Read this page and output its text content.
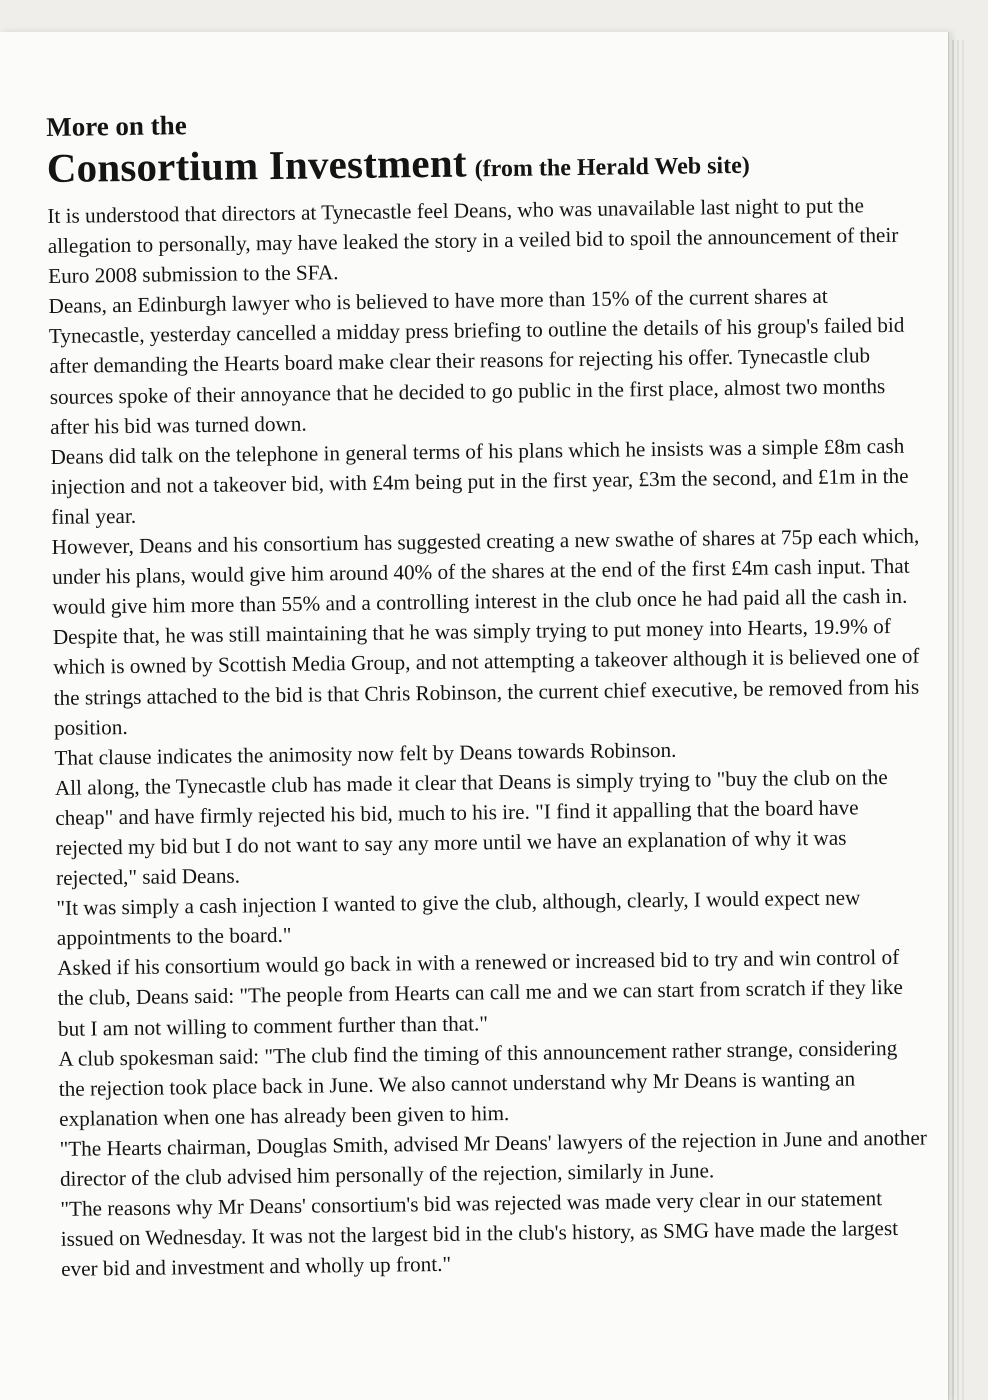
More on the

Consortium Investment (from the Herald Web site)

It is understood that directors at Tynecastle feel Deans, who was unavailable last night to put the allegation to personally, may have leaked the story in a veiled bid to spoil the announcement of their Euro 2008 submission to the SFA.

Deans, an Edinburgh lawyer who is believed to have more than 15% of the current shares at Tynecastle, yesterday cancelled a midday press briefing to outline the details of his group's failed bid after demanding the Hearts board make clear their reasons for rejecting his offer. Tynecastle club sources spoke of their annoyance that he decided to go public in the first place, almost two months after his bid was turned down.

Deans did talk on the telephone in general terms of his plans which he insists was a simple £8m cash injection and not a takeover bid, with £4m being put in the first year, £3m the second, and £1m in the final year.

However, Deans and his consortium has suggested creating a new swathe of shares at 75p each which, under his plans, would give him around 40% of the shares at the end of the first £4m cash input. That would give him more than 55% and a controlling interest in the club once he had paid all the cash in.

Despite that, he was still maintaining that he was simply trying to put money into Hearts, 19.9% of which is owned by Scottish Media Group, and not attempting a takeover although it is believed one of the strings attached to the bid is that Chris Robinson, the current chief executive, be removed from his position.

That clause indicates the animosity now felt by Deans towards Robinson.

All along, the Tynecastle club has made it clear that Deans is simply trying to "buy the club on the cheap" and have firmly rejected his bid, much to his ire. "I find it appalling that the board have rejected my bid but I do not want to say any more until we have an explanation of why it was rejected," said Deans.

"It was simply a cash injection I wanted to give the club, although, clearly, I would expect new appointments to the board."

Asked if his consortium would go back in with a renewed or increased bid to try and win control of the club, Deans said: "The people from Hearts can call me and we can start from scratch if they like but I am not willing to comment further than that."

A club spokesman said: "The club find the timing of this announcement rather strange, considering the rejection took place back in June. We also cannot understand why Mr Deans is wanting an explanation when one has already been given to him.

"The Hearts chairman, Douglas Smith, advised Mr Deans' lawyers of the rejection in June and another director of the club advised him personally of the rejection, similarly in June.

"The reasons why Mr Deans' consortium's bid was rejected was made very clear in our statement issued on Wednesday. It was not the largest bid in the club's history, as SMG have made the largest ever bid and investment and wholly up front."
